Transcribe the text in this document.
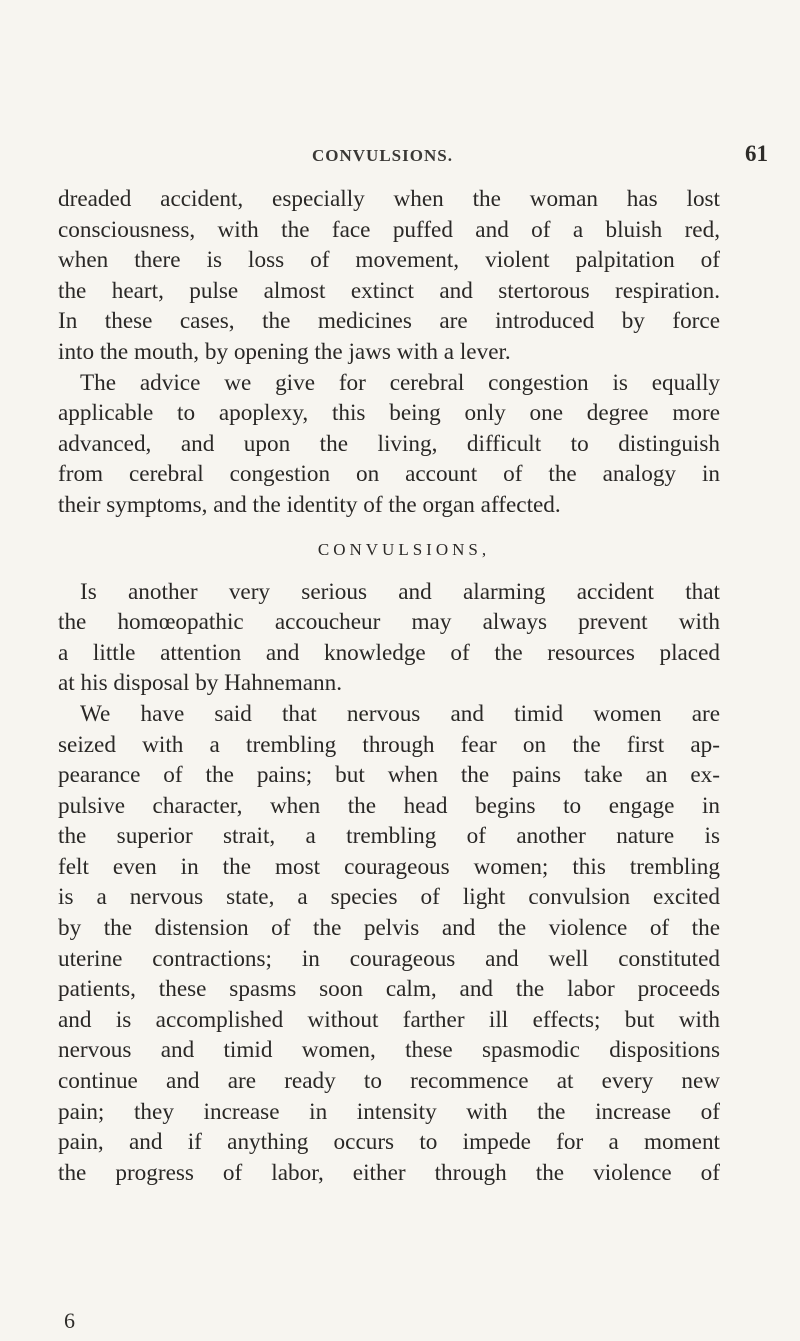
CONVULSIONS.	61
dreaded accident, especially when the woman has lost
consciousness, with the face puffed and of a bluish red,
when there is loss of movement, violent palpitation of
the heart, pulse almost extinct and stertorous respiration.
In these cases, the medicines are introduced by force
into the mouth, by opening the jaws with a lever.
The advice we give for cerebral congestion is equally
applicable to apoplexy, this being only one degree more
advanced, and upon the living, difficult to distinguish
from cerebral congestion on account of the analogy in
their symptoms, and the identity of the organ affected.
CONVULSIONS,
Is another very serious and alarming accident that
the homœopathic accoucheur may always prevent with
a little attention and knowledge of the resources placed
at his disposal by Hahnemann.
We have said that nervous and timid women are
seized with a trembling through fear on the first ap-
pearance of the pains; but when the pains take an ex-
pulsive character, when the head begins to engage in
the superior strait, a trembling of another nature is
felt even in the most courageous women; this trembling
is a nervous state, a species of light convulsion excited
by the distension of the pelvis and the violence of the
uterine contractions; in courageous and well constituted
patients, these spasms soon calm, and the labor proceeds
and is accomplished without farther ill effects; but with
nervous and timid women, these spasmodic dispositions
continue and are ready to recommence at every new
pain; they increase in intensity with the increase of
pain, and if anything occurs to impede for a moment
the progress of labor, either through the violence of
6
